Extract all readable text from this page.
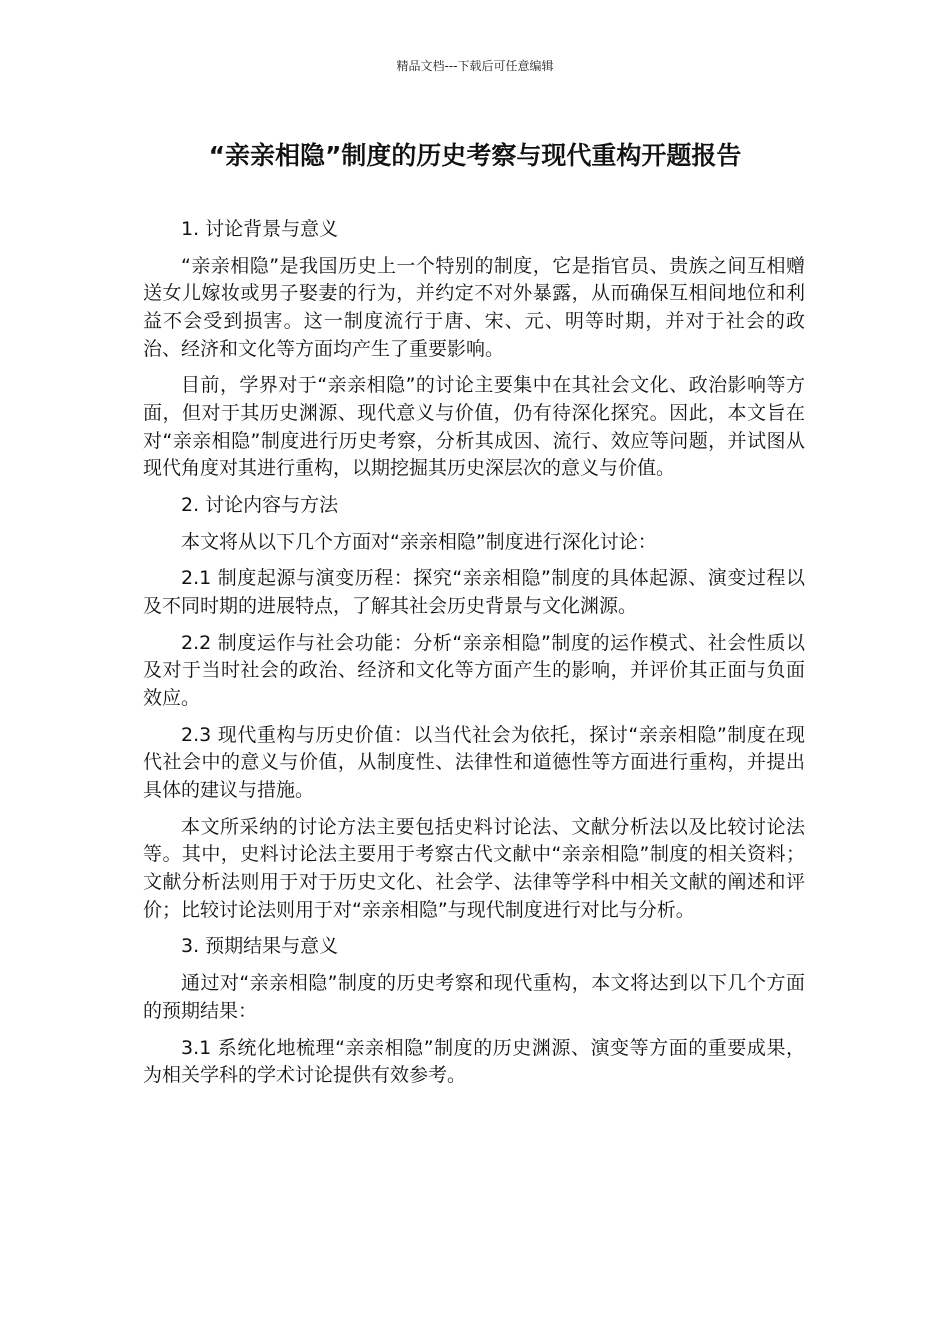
精品文档---下载后可任意编辑
“亲亲相隐”制度的历史考察与现代重构开题报告

1. 讨论背景与意义

“亲亲相隐”是我国历史上一个特别的制度，它是指官员、贵族之间互相赠送女儿嫁妆或男子娶妻的行为，并约定不对外暴露，从而确保互相间地位和利益不会受到损害。这一制度流行于唐、宋、元、明等时期，并对于社会的政治、经济和文化等方面均产生了重要影响。

目前，学界对于“亲亲相隐”的讨论主要集中在其社会文化、政治影响等方面，但对于其历史渊源、现代意义与价值，仍有待深化探究。因此，本文旨在对“亲亲相隐”制度进行历史考察，分析其成因、流行、效应等问题，并试图从现代角度对其进行重构，以期挖掘其历史深层次的意义与价值。

2. 讨论内容与方法

本文将从以下几个方面对“亲亲相隐”制度进行深化讨论：

2.1 制度起源与演变历程：探究“亲亲相隐”制度的具体起源、演变过程以及不同时期的进展特点，了解其社会历史背景与文化渊源。

2.2 制度运作与社会功能：分析“亲亲相隐”制度的运作模式、社会性质以及对于当时社会的政治、经济和文化等方面产生的影响，并评价其正面与负面效应。

2.3 现代重构与历史价值：以当代社会为依托，探讨“亲亲相隐”制度在现代社会中的意义与价值，从制度性、法律性和道德性等方面进行重构，并提出具体的建议与措施。

本文所采纳的讨论方法主要包括史料讨论法、文献分析法以及比较讨论法等。其中，史料讨论法主要用于考察古代文献中“亲亲相隐”制度的相关资料；文献分析法则用于对于历史文化、社会学、法律等学科中相关文献的阐述和评价；比较讨论法则用于对“亲亲相隐”与现代制度进行对比与分析。

3. 预期结果与意义

通过对“亲亲相隐”制度的历史考察和现代重构，本文将达到以下几个方面的预期结果：

3.1 系统化地梳理“亲亲相隐”制度的历史渊源、演变等方面的重要成果，为相关学科的学术讨论提供有效参考。
